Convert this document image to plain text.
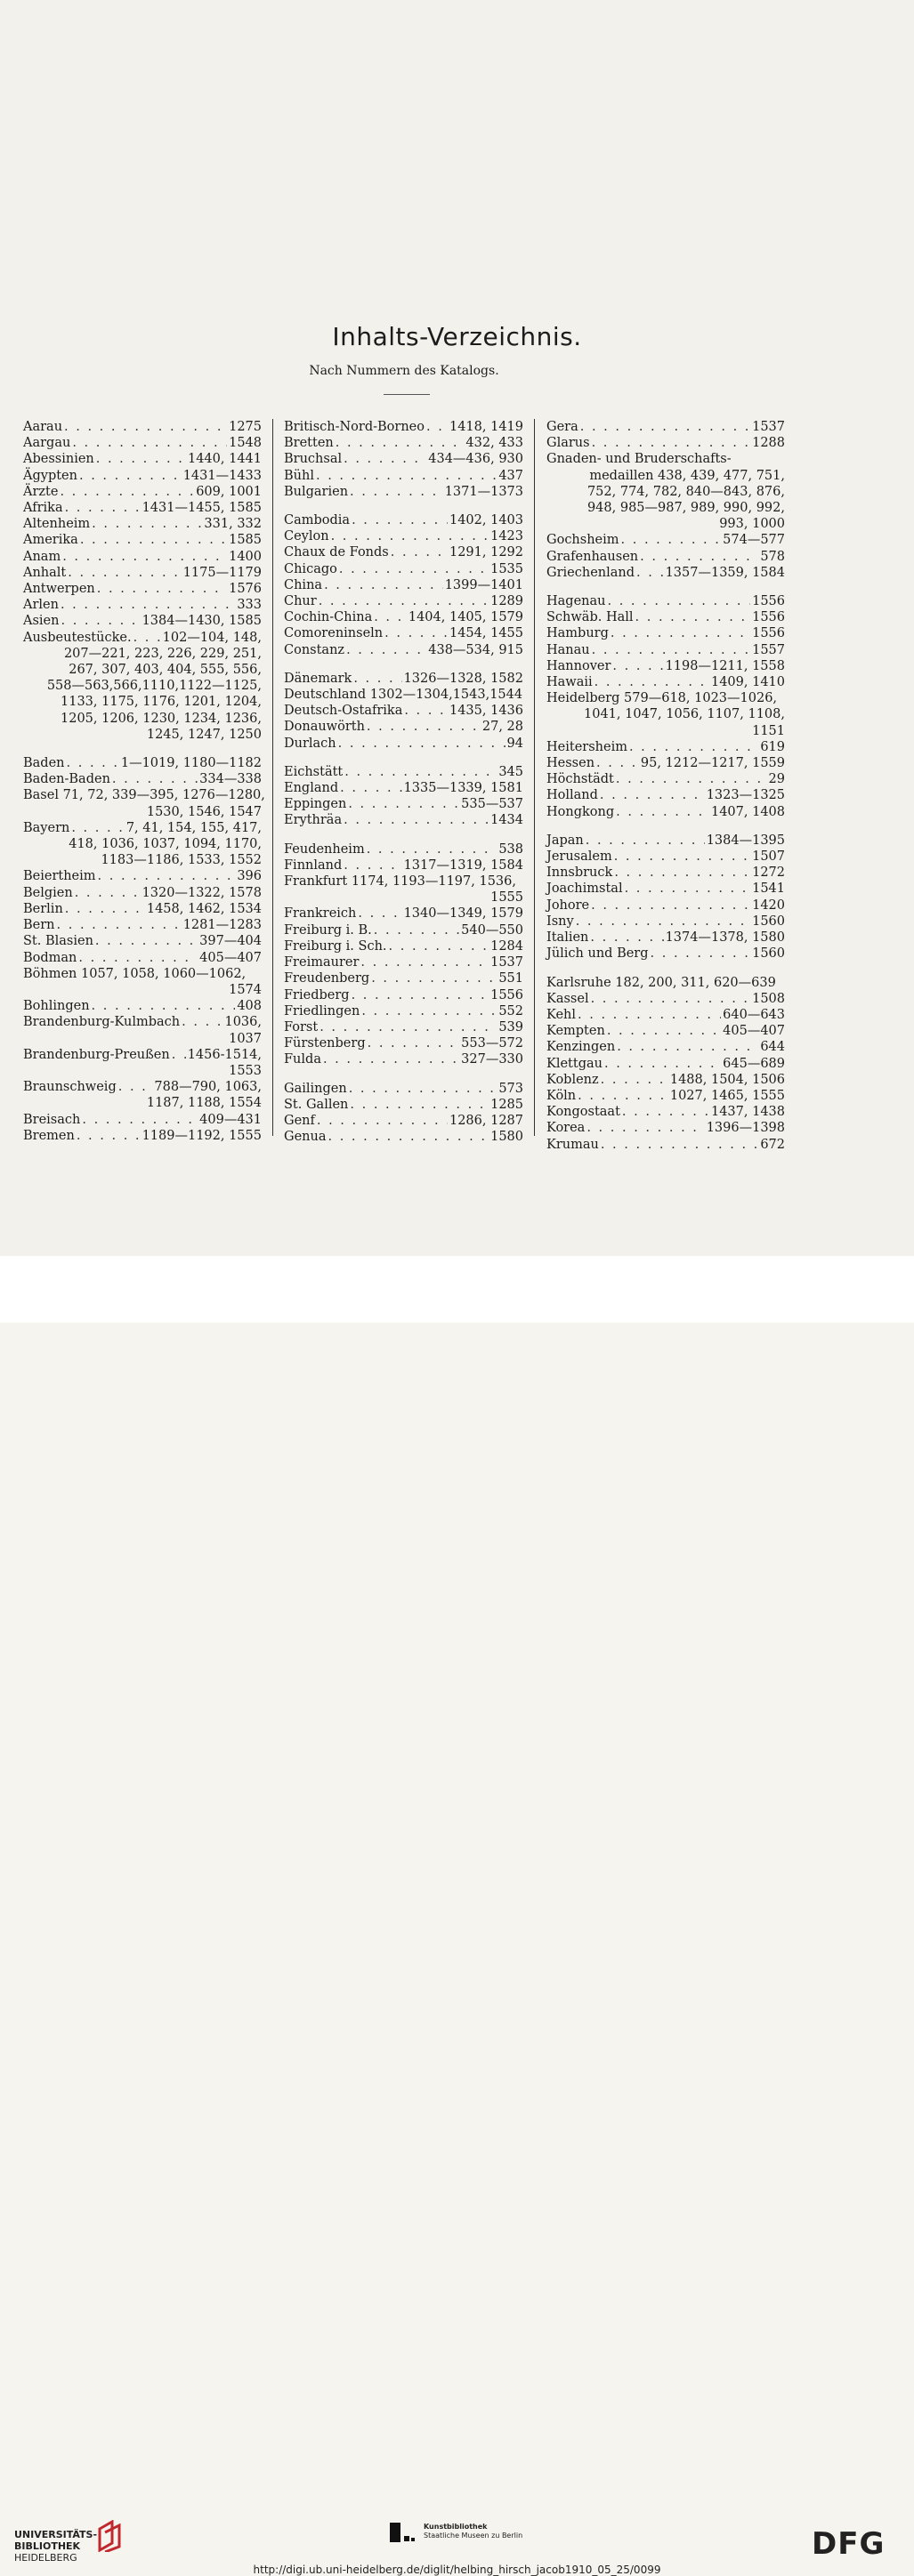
Inhalts-Verzeichnis.
Nach Nummern des Katalogs.
Aarau . . .	1275
Aargau . . .	1548
Abessinien . . .	1440, 1441
Ägypten . . .	1431—1433
Ärzte . . .	609, 1001
Afrika . . .	1431—1455, 1585
Altenheim . . .	331, 332
Amerika . . .	1585
Anam . . .	1400
Anhalt . . .	1175—1179
Antwerpen . . .	1576
Arlen . . .	333
Asien . . .	1384—1430, 1585
Ausbeutestücke. . . . 102—104, 148,
207—221, 223, 226, 229, 251,
267, 307, 403, 404, 555, 556,
558—563,566,1110,1122—1125,
1133, 1175, 1176, 1201, 1204,
1205, 1206, 1230, 1234, 1236,
1245, 1247, 1250
Baden . . .	1—1019, 1180—1182
Baden-Baden . . .	334—338
Basel 71, 72, 339—395, 1276—1280,
1530, 1546, 1547
Bayern . . .	7, 41, 154, 155, 417,
418, 1036, 1037, 1094, 1170,
1183—1186, 1533, 1552
Beiertheim . . .	396
Belgien . . .	1320—1322, 1578
Berlin . . .	1458, 1462, 1534
Bern . . .	1281—1283
St. Blasien . . .	397—404
Bodman . . .	405—407
Böhmen 1057, 1058, 1060—1062,
1574
Bohlingen . . .	408
Brandenburg-Kulmbach . . .	1036,
1037
Brandenburg-Preußen . . . 1456-1514,
1553
Braunschweig . . .	788—790, 1063,
1187, 1188, 1554
Breisach . . .	409—431
Bremen . . .	1189—1192, 1555
Britisch-Nord-Borneo . . . 1418, 1419
Bretten . . .	432, 433
Bruchsal . . .	434—436, 930
Bühl . . .	437
Bulgarien . . .	1371—1373
Cambodia . . .	1402, 1403
Ceylon . . .	1423
Chaux de Fonds . . .	1291, 1292
Chicago . . .	1535
China . . .	1399—1401
Chur . . .	1289
Cochin-China . . .	1404, 1405, 1579
Comoreninseln . . .	1454, 1455
Constanz . . .	438—534, 915
Dänemark . . .	1326—1328, 1582
Deutschland 1302—1304,1543,1544
Deutsch-Ostafrika . . .	1435, 1436
Donauwörth . . .	27, 28
Durlach . . .	94
Eichstätt . . .	345
England . . .	1335—1339, 1581
Eppingen . . .	535—537
Erythräa . . .	1434
Feudenheim . . .	538
Finnland . . .	1317—1319, 1584
Frankfurt 1174, 1193—1197, 1536,
1555
Frankreich . . .	1340—1349, 1579
Freiburg i. B. . . .	540—550
Freiburg i. Sch. . . .	1284
Freimaurer . . .	1537
Freudenberg . . .	551
Friedberg . . .	1556
Friedlingen . . .	552
Forst . . .	539
Fürstenberg . . .	553—572
Fulda . . .	327—330
Gailingen . . .	573
St. Gallen . . .	1285
Genf . . .	1286, 1287
Genua . . .	1580
Gera . . .	1537
Glarus . . .	1288
Gnaden- und Bruderschafts-
medaillen 438, 439, 477, 751,
752, 774, 782, 840—843, 876,
948, 985—987, 989, 990, 992,
993, 1000
Gochsheim . . .	574—577
Grafenhausen . . .	578
Griechenland . . . 1357—1359, 1584
Hagenau . . .	1556
Schwäb. Hall . . .	1556
Hamburg . . .	1556
Hanau . . .	1557
Hannover . . .	1198—1211, 1558
Hawaii . . .	1409, 1410
Heidelberg 579—618, 1023—1026,
1041, 1047, 1056, 1107, 1108,
1151
Heitersheim . . .	619
Hessen . . .	95, 1212—1217, 1559
Höchstädt . . .	29
Holland . . .	1323—1325
Hongkong . . .	1407, 1408
Japan . . .	1384—1395
Jerusalem . . .	1507
Innsbruck . . .	1272
Joachimstal . . .	1541
Johore . . .	1420
Isny . . .	1560
Italien . . .	1374—1378, 1580
Jülich und Berg . . .	1560
Karlsruhe 182, 200, 311, 620—639
Kassel . . .	1508
Kehl . . .	640—643
Kempten . . .	405—407
Kenzingen . . .	644
Klettgau . . .	645—689
Koblenz . . .	1488, 1504, 1506
Köln . . .	1027, 1465, 1555
Kongostaat . . .	1437, 1438
Korea . . .	1396—1398
Krumau . . .	672
UNIVERSITÄTS-
BIBLIOTHEK
HEIDELBERG
Kunstbibliothek
Staatliche Museen zu Berlin	DFG
http://digi.ub.uni-heidelberg.de/diglit/helbing_hirsch_jacob1910_05_25/0099
